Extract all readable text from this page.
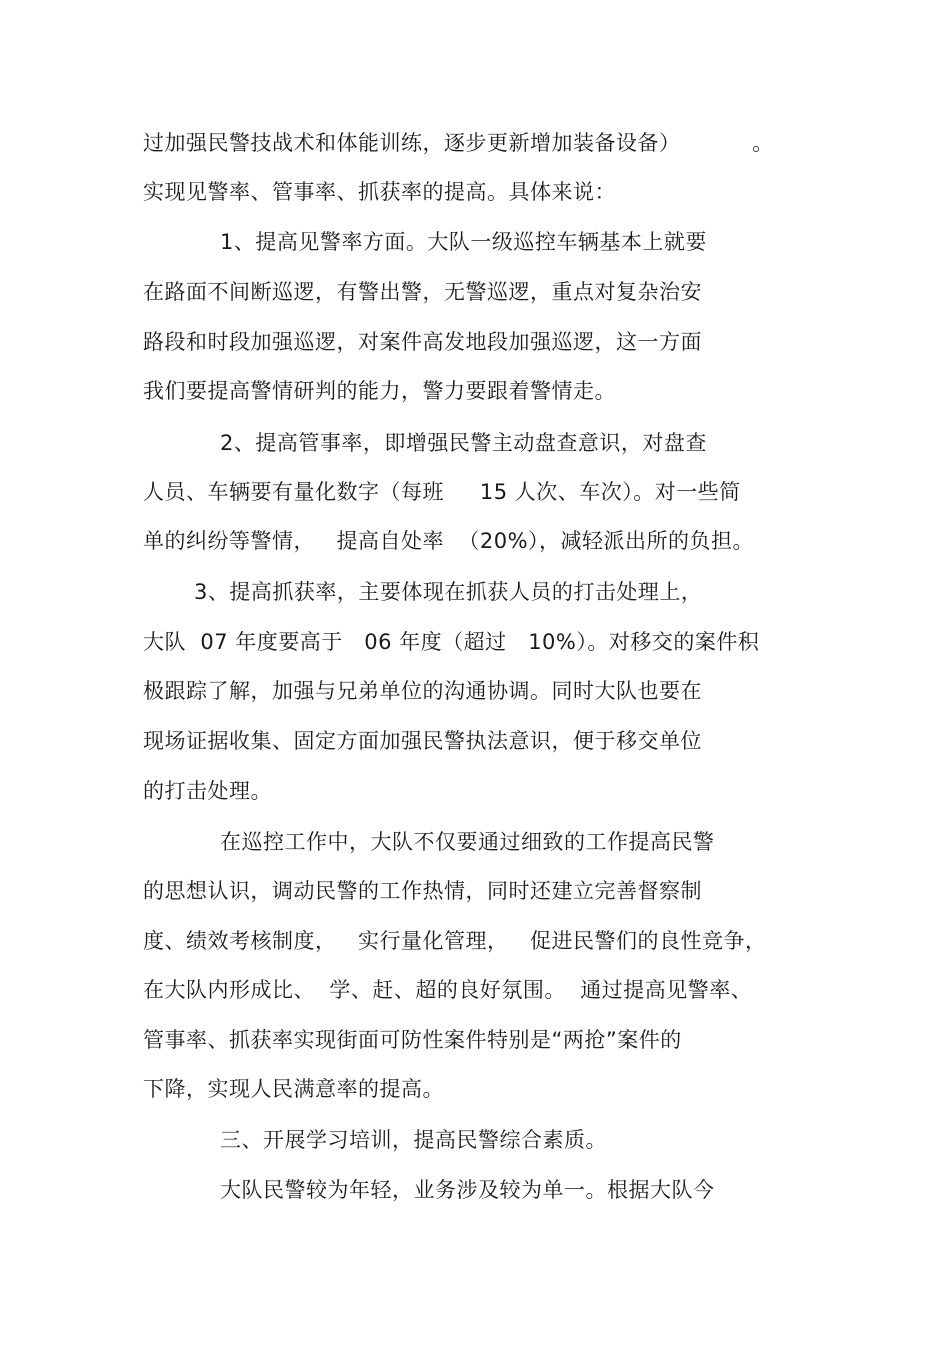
过加强民警技战术和体能训练，逐步更新增加装备设备）          。
实现见警率、管事率、抓获率的提高。具体来说：
1、提高见警率方面。大队一级巡控车辆基本上就要
在路面不间断巡逻，有警出警，无警巡逻，重点对复杂治安
路段和时段加强巡逻，对案件高发地段加强巡逻，这一方面
我们要提高警情研判的能力，警力要跟着警情走。
2、提高管事率，即增强民警主动盘查意识，对盘查
人员、车辆要有量化数字（每班     15 人次、车次）。对一些简
单的纠纷等警情，   提高自处率  （20%），减轻派出所的负担。
3、提高抓获率，主要体现在抓获人员的打击处理上，
大队  07 年度要高于   06 年度（超过   10%）。对移交的案件积
极跟踪了解，加强与兄弟单位的沟通协调。同时大队也要在
现场证据收集、固定方面加强民警执法意识，便于移交单位
的打击处理。
在巡控工作中，大队不仅要通过细致的工作提高民警
的思想认识，调动民警的工作热情，同时还建立完善督察制
度、绩效考核制度，   实行量化管理，   促进民警们的良性竞争，
在大队内形成比、  学、赶、超的良好氛围。  通过提高见警率、
管事率、抓获率实现街面可防性案件特别是“两抢”案件的
下降，实现人民满意率的提高。
三、开展学习培训，提高民警综合素质。
大队民警较为年轻，业务涉及较为单一。根据大队今
